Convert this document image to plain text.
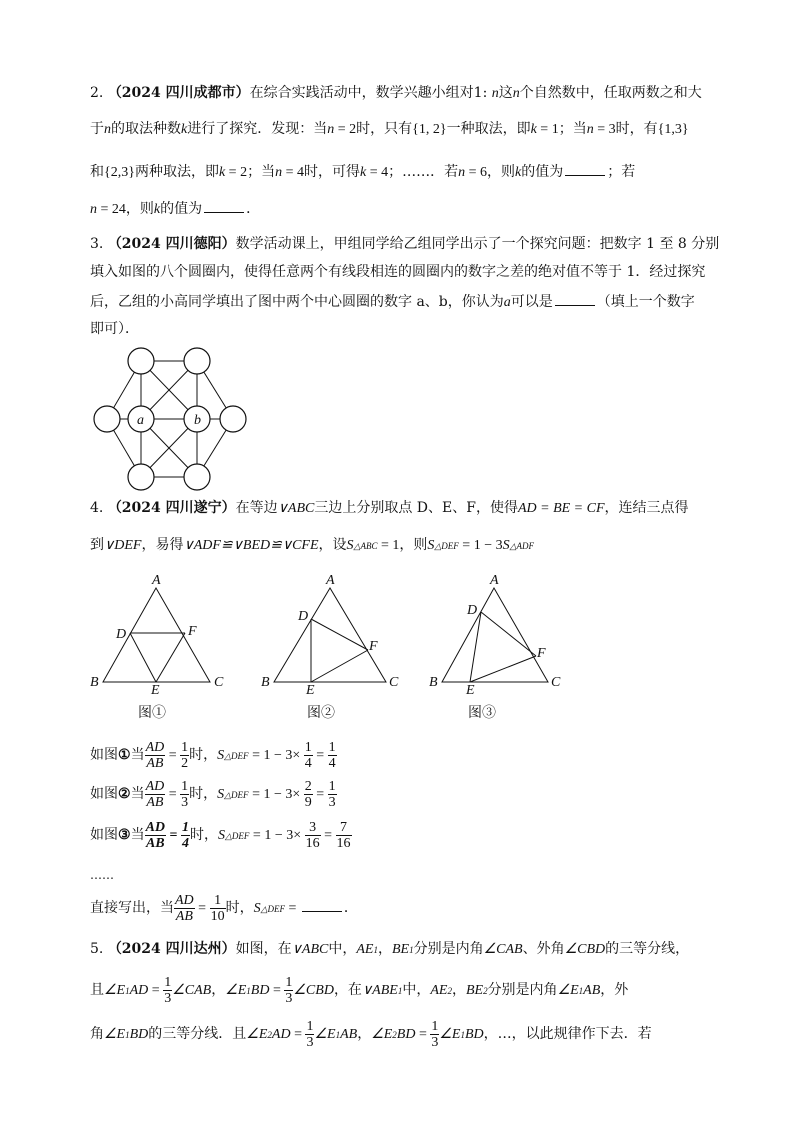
2. （2024 四川成都市）在综合实践活动中，数学兴趣小组对1: n这n个自然数中，任取两数之和大
于n的取法种数k进行了探究．发现：当n = 2时，只有{1, 2}一种取法，即k = 1；当n = 3时，有{1,3}
和{2,3}两种取法，即k = 2；当n = 4时，可得k = 4；……．若n = 6，则k的值为	；若
n = 24，则k的值为	．
3. （2024 四川德阳）数学活动课上，甲组同学给乙组同学出示了一个探究问题：把数字 1 至 8 分别
填入如图的八个圆圈内，使得任意两个有线段相连的圆圈内的数字之差的绝对值不等于 1．经过探究
后，乙组的小高同学填出了图中两个中心圆圈的数字 a、b，你认为a可以是	（填上一个数字
即可）．
a	b
4. （2024 四川遂宁）在等边∨ABC三边上分别取点 D、E、F，使得AD = BE = CF，连结三点得
到∨DEF，易得∨ADF≌∨BED≌∨CFE，设S△ABC = 1，则S△DEF = 1 − 3S△ADF
A
B	C
D
E
F
图①
A
B	C
D
E
F
图②
A
B	C
D
E
F
图③
如图①当 $\frac{AD}{AB} = \frac{1}{2}$ 时，S△DEF = $1 - 3\times \frac{1}{4} = \frac{1}{4}$
如图②当 $\frac{AD}{AB} = \frac{1}{3}$ 时，S△DEF = $1 - 3\times \frac{2}{9} = \frac{1}{3}$
如图③当 $\frac{AD}{AB} = \frac{1}{4}$ 时，S△DEF = $1 - 3\times \frac{3}{16} = \frac{7}{16}$
……
直接写出，当 $\frac{AD}{AB} = \frac{1}{10}$ 时，S△DEF =	．
5. （2024 四川达州）如图，在∨ABC中，AE1，BE1分别是内角∠CAB、外角∠CBD的三等分线，
且∠E1AD = $\frac{1}{3}$ ∠CAB，∠E1BD = $\frac{1}{3}$ ∠CBD，在∨ABE1中，AE2，BE2分别是内角∠E1AB，外
角∠E1BD的三等分线．且∠E2AD = $\frac{1}{3}$ ∠E1AB，∠E2BD = $\frac{1}{3}$ ∠E1BD，…，以此规律作下去．若
